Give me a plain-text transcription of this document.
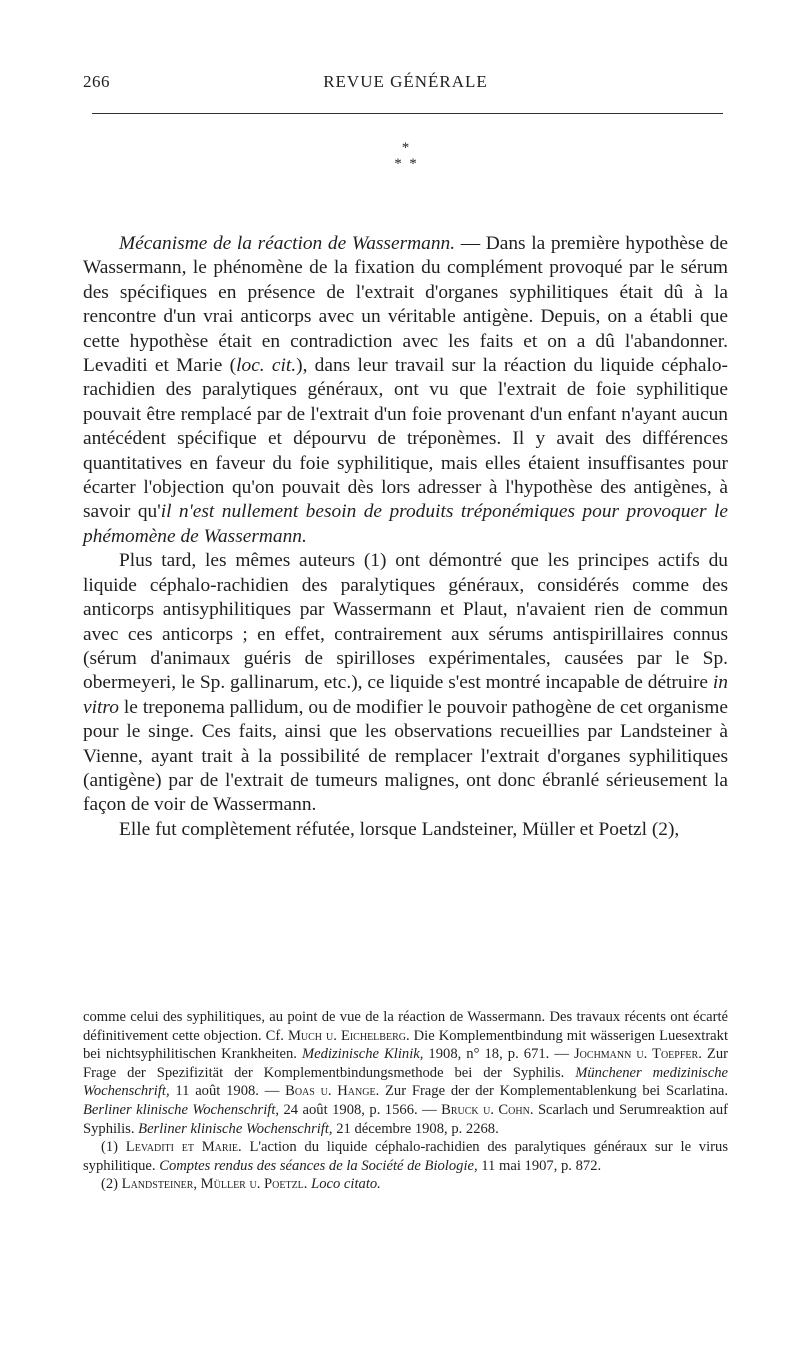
266	REVUE GÉNÉRALE
*
*  *

Mécanisme de la réaction de Wassermann. — Dans la première hypothèse de Wassermann, le phénomène de la fixation du complément provoqué par le sérum des spécifiques en présence de l'extrait d'organes syphilitiques était dû à la rencontre d'un vrai anticorps avec un véritable antigène. Depuis, on a établi que cette hypothèse était en contradiction avec les faits et on a dû l'abandonner. Levaditi et Marie (loc. cit.), dans leur travail sur la réaction du liquide céphalo-rachidien des paralytiques généraux, ont vu que l'extrait de foie syphilitique pouvait être remplacé par de l'extrait d'un foie provenant d'un enfant n'ayant aucun antécédent spécifique et dépourvu de tréponèmes. Il y avait des différences quantitatives en faveur du foie syphilitique, mais elles étaient insuffisantes pour écarter l'objection qu'on pouvait dès lors adresser à l'hypothèse des antigènes, à savoir qu'il n'est nullement besoin de produits tréponémiques pour provoquer le phémomène de Wassermann.

Plus tard, les mêmes auteurs (1) ont démontré que les principes actifs du liquide céphalo-rachidien des paralytiques généraux, considérés comme des anticorps antisyphilitiques par Wassermann et Plaut, n'avaient rien de commun avec ces anticorps ; en effet, contrairement aux sérums antispirillaires connus (sérum d'animaux guéris de spirilloses expérimentales, causées par le Sp. obermeyeri, le Sp. gallinarum, etc.), ce liquide s'est montré incapable de détruire in vitro le treponema pallidum, ou de modifier le pouvoir pathogène de cet organisme pour le singe. Ces faits, ainsi que les observations recueillies par Landsteiner à Vienne, ayant trait à la possibilité de remplacer l'extrait d'organes syphilitiques (antigène) par de l'extrait de tumeurs malignes, ont donc ébranlé sérieusement la façon de voir de Wassermann.

Elle fut complètement réfutée, lorsque Landsteiner, Müller et Poetzl (2),

comme celui des syphilitiques, au point de vue de la réaction de Wassermann. Des travaux récents ont écarté définitivement cette objection. Cf. Much u. Eichelberg. Die Komplementbindung mit wässerigen Luesextrakt bei nichtsyphilitischen Krankheiten. Medizinische Klinik, 1908, n° 18, p. 671. — Jochmann u. Toepfer. Zur Frage der Spezifizität der Komplementbindungsmethode bei der Syphilis. Münchener medizinische Wochenschrift, 11 août 1908. — Boas u. Hange. Zur Frage der der Komplementablenkung bei Scarlatina. Berliner klinische Wochenschrift, 24 août 1908, p. 1566. — Bruck u. Cohn. Scarlach und Serumreaktion auf Syphilis. Berliner klinische Wochenschrift, 21 décembre 1908, p. 2268.

(1) Levaditi et Marie. L'action du liquide céphalo-rachidien des paralytiques généraux sur le virus syphilitique. Comptes rendus des séances de la Société de Biologie, 11 mai 1907, p. 872.

(2) Landsteiner, Müller u. Poetzl. Loco citato.
